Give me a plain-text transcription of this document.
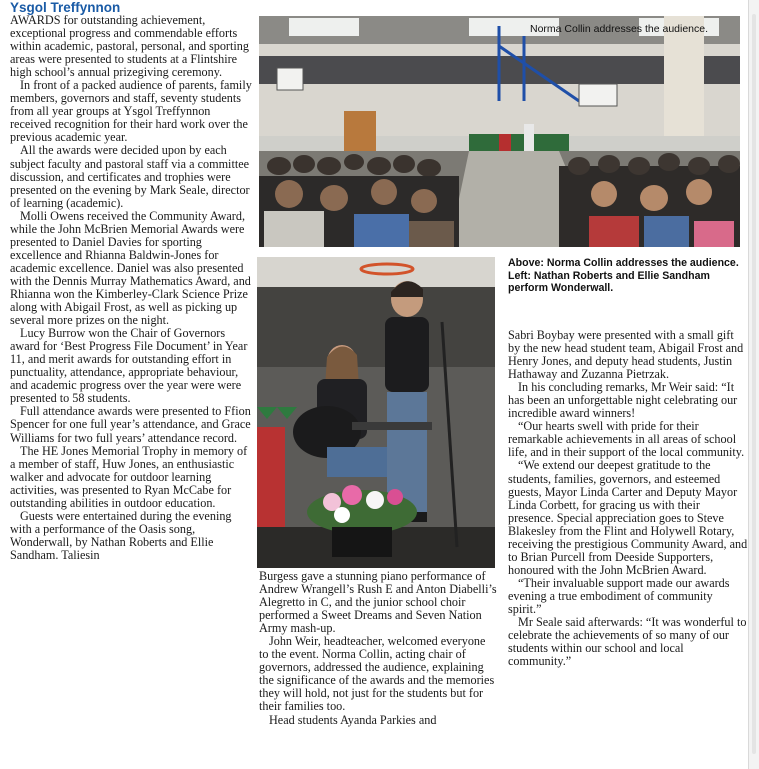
Ysgol Treffynnon

AWARDS for outstanding achievement, exceptional progress and commendable efforts within academic, pastoral, personal, and sporting areas were presented to students at a Flintshire high school’s annual prizegiving ceremony.

In front of a packed audience of parents, family members, governors and staff, seventy students from all year groups at Ysgol Treffynnon received recognition for their hard work over the previous academic year.

All the awards were decided upon by each subject faculty and pastoral staff via a committee discussion, and certificates and trophies were presented on the evening by Mark Seale, director of learning (academic).

Molli Owens received the Community Award, while the John McBrien Memorial Awards were presented to Daniel Davies for sporting excellence and Rhianna Baldwin-Jones for academic excellence. Daniel was also presented with the Dennis Murray Mathematics Award, and Rhianna won the Kimberley-Clark Science Prize along with Abigail Frost, as well as picking up several more prizes on the night.

Lucy Burrow won the Chair of Governors award for ‘Best Progress File Document’ in Year 11, and merit awards for outstanding effort in punctuality, attendance, appropriate behaviour, and academic progress over the year were were presented to 58 students.

Full attendance awards were presented to Ffion Spencer for one full year’s attendance, and Grace Williams for two full years’ attendance record.

The HE Jones Memorial Trophy in memory of a member of staff, Huw Jones, an enthusiastic walker and advocate for outdoor learning activities, was presented to Ryan McCabe for outstanding abilities in outdoor education.

Guests were entertained during the evening with a performance of the Oasis song, Wonderwall, by Nathan Roberts and Ellie Sandham. Taliesin

Norma Collin addresses the audience.
Above: Norma Collin addresses the audience.
Left: Nathan Roberts and Ellie Sandham perform Wonderwall.

Burgess gave a stunning piano performance of Andrew Wrangell’s Rush E and Anton Diabelli’s Alegretto in C, and the junior school choir performed a Sweet Dreams and Seven Nation Army mash-up.

John Weir, headteacher, welcomed everyone to the event. Norma Collin, acting chair of governors, addressed the audience, explaining the significance of the awards and the memories they will hold, not just for the students but for their families too.

Head students Ayanda Parkies and

Sabri Boybay were presented with a small gift by the new head student team, Abigail Frost and Henry Jones, and deputy head students, Justin Hathaway and Zuzanna Pietrzak.

In his concluding remarks, Mr Weir said: “It has been an unforgettable night celebrating our incredible award winners!

“Our hearts swell with pride for their remarkable achievements in all areas of school life, and in their support of the local community.

“We extend our deepest gratitude to the students, families, governors, and esteemed guests, Mayor Linda Carter and Deputy Mayor Linda Corbett, for gracing us with their presence. Special appreciation goes to Steve Blakesley from the Flint and Holywell Rotary, receiving the prestigious Community Award, and to Brian Purcell from Deeside Supporters, honoured with the John McBrien Award.

“Their invaluable support made our awards evening a true embodiment of community spirit.”

Mr Seale said afterwards: “It was wonderful to celebrate the achievements of so many of our students within our school and local community.”
